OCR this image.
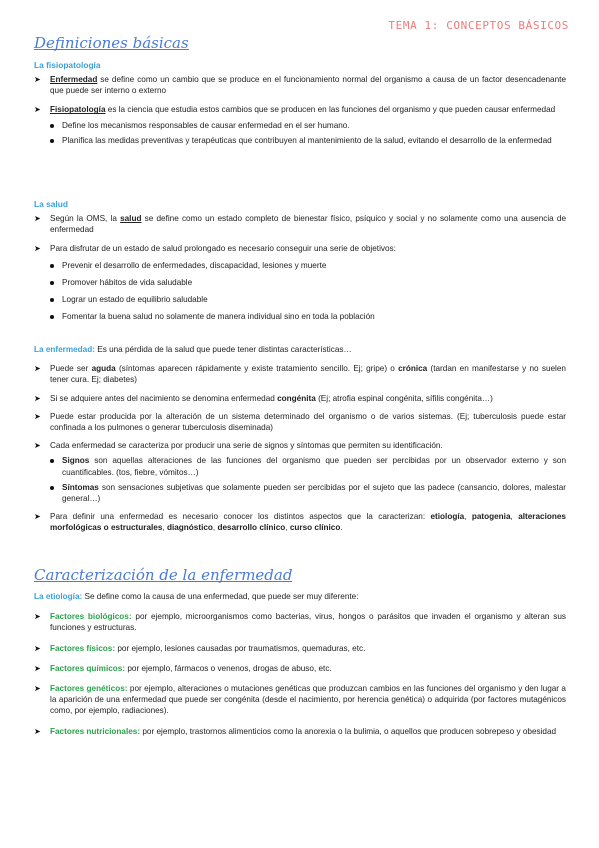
TEMA 1: CONCEPTOS BÁSICOS
Definiciones básicas
La fisiopatología

➤ Enfermedad se define como un cambio que se produce en el funcionamiento normal del organismo a causa de un factor desencadenante que puede ser interno o externo

➤ Fisiopatología es la ciencia que estudia estos cambios que se producen en las funciones del organismo y que pueden causar enfermedad

Define los mecanismos responsables de causar enfermedad en el ser humano.

Planifica las medidas preventivas y terapéuticas que contribuyen al mantenimiento de la salud, evitando el desarrollo de la enfermedad

La salud

➤ Según la OMS, la salud se define como un estado completo de bienestar físico, psíquico y social y no solamente como una ausencia de enfermedad

➤ Para disfrutar de un estado de salud prolongado es necesario conseguir una serie de objetivos:

Prevenir el desarrollo de enfermedades, discapacidad, lesiones y muerte

Promover hábitos de vida saludable

Lograr un estado de equilibrio saludable

Fomentar la buena salud no solamente de manera individual sino en toda la población

La enfermedad: Es una pérdida de la salud que puede tener distintas características…

➤ Puede ser aguda (síntomas aparecen rápidamente y existe tratamiento sencillo. Ej; gripe) o crónica (tardan en manifestarse y no suelen tener cura. Ej; diabetes)

➤ Si se adquiere antes del nacimiento se denomina enfermedad congénita (Ej; atrofia espinal congénita, sífilis congénita…)

➤ Puede estar producida por la alteración de un sistema determinado del organismo o de varios sistemas. (Ej; tuberculosis puede estar confinada a los pulmones o generar tuberculosis diseminada)

➤ Cada enfermedad se caracteriza por producir una serie de signos y síntomas que permiten su identificación.

Signos son aquellas alteraciones de las funciones del organismo que pueden ser percibidas por un observador externo y son cuantificables. (tos, fiebre, vómitos…)

Síntomas son sensaciones subjetivas que solamente pueden ser percibidas por el sujeto que las padece (cansancio, dolores, malestar general…)

➤ Para definir una enfermedad es necesario conocer los distintos aspectos que la caracterizan: etiología, patogenia, alteraciones morfológicas o estructurales, diagnóstico, desarrollo clínico, curso clínico.

Caracterización de la enfermedad

La etiología: Se define como la causa de una enfermedad, que puede ser muy diferente:

➤ Factores biológicos: por ejemplo, microorganismos como bacterias, virus, hongos o parásitos que invaden el organismo y alteran sus funciones y estructuras.

➤ Factores físicos: por ejemplo, lesiones causadas por traumatismos, quemaduras, etc.

➤ Factores químicos: por ejemplo, fármacos o venenos, drogas de abuso, etc.

➤ Factores genéticos: por ejemplo, alteraciones o mutaciones genéticas que produzcan cambios en las funciones del organismo y den lugar a la aparición de una enfermedad que puede ser congénita (desde el nacimiento, por herencia genética) o adquirida (por factores mutagénicos como, por ejemplo, radiaciones).

➤ Factores nutricionales: por ejemplo, trastornos alimenticios como la anorexia o la bulimia, o aquellos que producen sobrepeso y obesidad
